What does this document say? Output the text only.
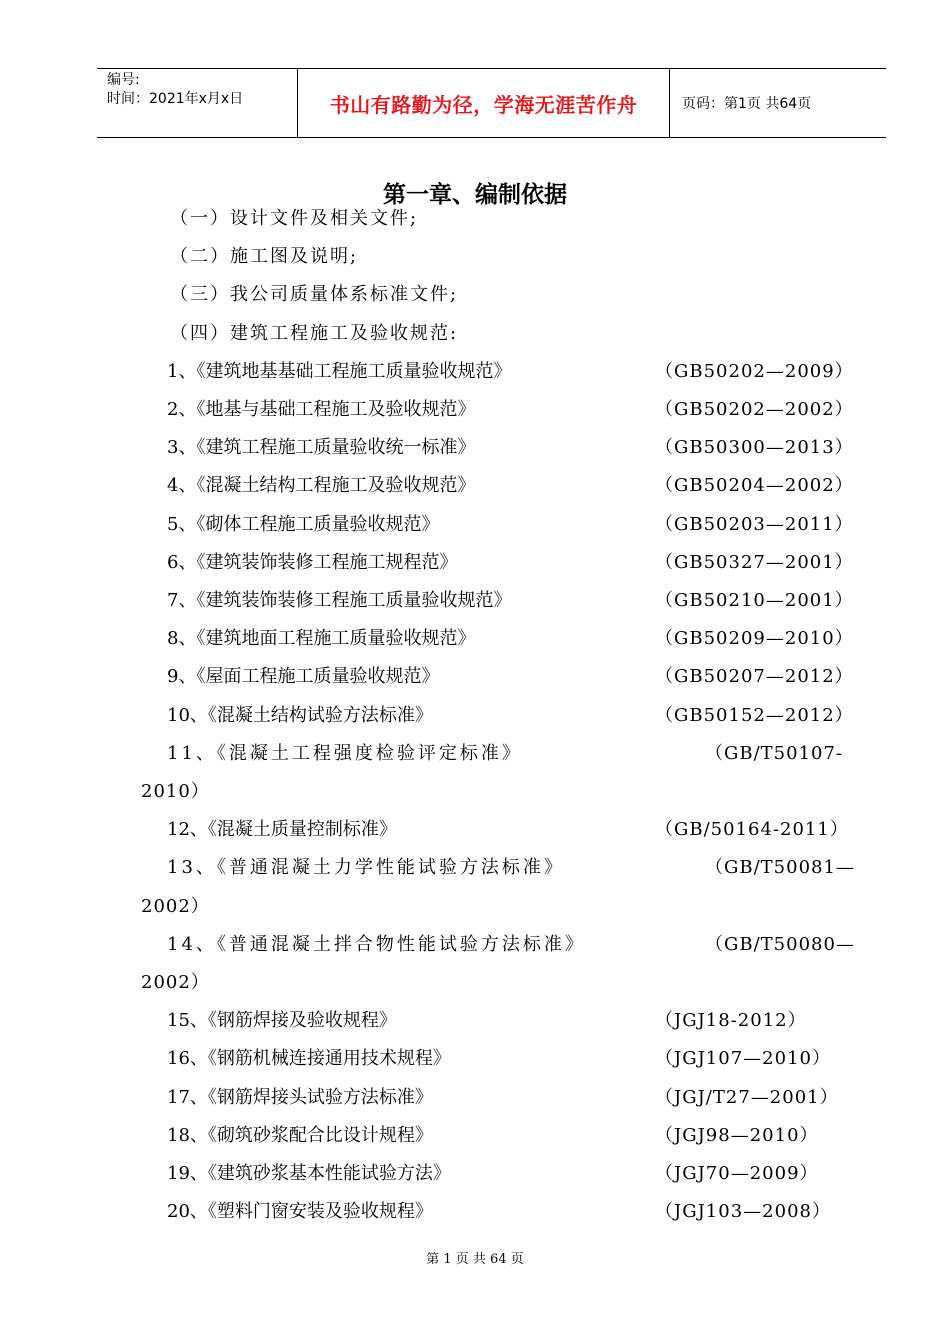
编号:
时间：2021年x月x日	书山有路勤为径，学海无涯苦作舟	页码：第1页 共64页
第一章、编制依据
（一）设计文件及相关文件;
（二）施工图及说明;
（三）我公司质量体系标准文件;
（四）建筑工程施工及验收规范:
1、《建筑地基基础工程施工质量验收规范》	（GB50202—2009）
2、《地基与基础工程施工及验收规范》	（GB50202—2002）
3、《建筑工程施工质量验收统一标准》	（GB50300—2013）
4、《混凝土结构工程施工及验收规范》	（GB50204—2002）
5、《砌体工程施工质量验收规范》	（GB50203—2011）
6、《建筑装饰装修工程施工规程范》	（GB50327—2001）
7、《建筑装饰装修工程施工质量验收规范》	（GB50210—2001）
8、《建筑地面工程施工质量验收规范》	（GB50209—2010）
9、《屋面工程施工质量验收规范》	（GB50207—2012）
10、《混凝土结构试验方法标准》	（GB50152—2012）
11、《混凝土工程强度检验评定标准》	（GB/T50107-
2010）
12、《混凝土质量控制标准》	（GB/50164-2011）
13、《普通混凝土力学性能试验方法标准》	（GB/T50081—
2002）
14、《普通混凝土拌合物性能试验方法标准》	（GB/T50080—
2002）
15、《钢筋焊接及验收规程》	（JGJ18-2012）
16、《钢筋机械连接通用技术规程》	（JGJ107—2010）
17、《钢筋焊接头试验方法标准》	（JGJ/T27—2001）
18、《砌筑砂浆配合比设计规程》	（JGJ98—2010）
19、《建筑砂浆基本性能试验方法》	（JGJ70—2009）
20、《塑料门窗安装及验收规程》	（JGJ103—2008）
第 1 页 共 64 页
